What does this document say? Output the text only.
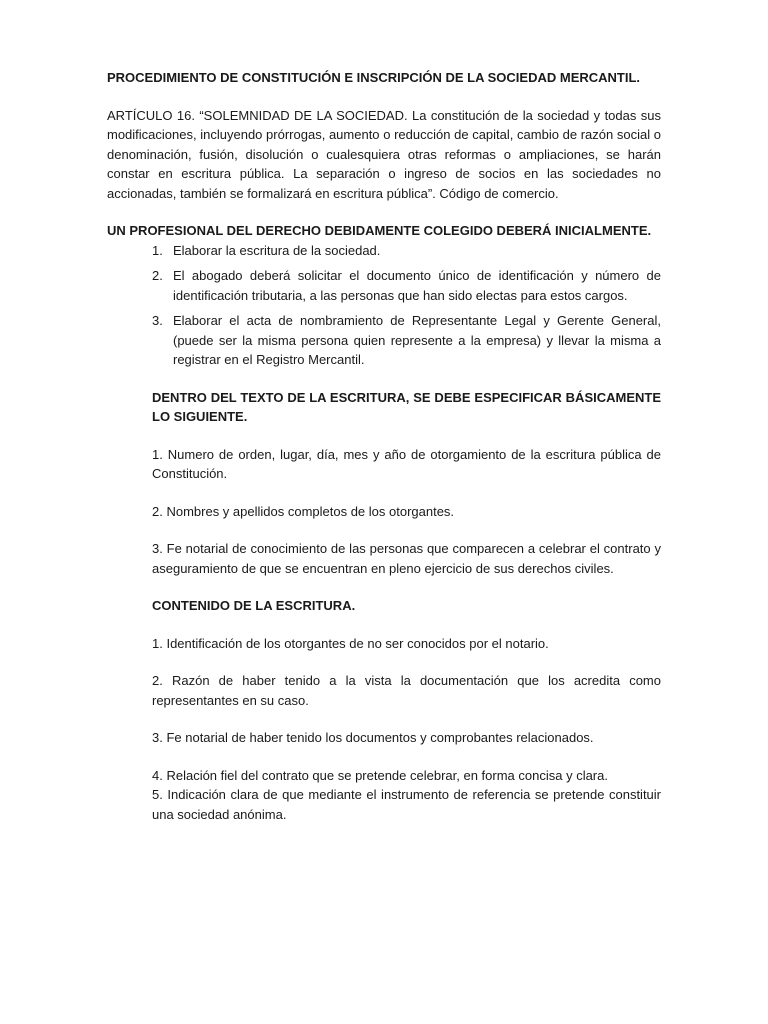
PROCEDIMIENTO DE CONSTITUCIÓN E INSCRIPCIÓN DE LA SOCIEDAD MERCANTIL.

ARTÍCULO 16. “SOLEMNIDAD DE LA SOCIEDAD. La constitución de la sociedad y todas sus modificaciones, incluyendo prórrogas, aumento o reducción de capital, cambio de razón social o denominación, fusión, disolución o cualesquiera otras reformas o ampliaciones, se harán constar en escritura pública. La separación o ingreso de socios en las sociedades no accionadas, también se formalizará en escritura pública”. Código de comercio.

UN PROFESIONAL DEL DERECHO DEBIDAMENTE COLEGIDO DEBERÁ INICIALMENTE.

1. Elaborar la escritura de la sociedad.
2. El abogado deberá solicitar el documento único de identificación y número de identificación tributaria, a las personas que han sido electas para estos cargos.
3. Elaborar el acta de nombramiento de Representante Legal y Gerente General, (puede ser la misma persona quien represente a la empresa) y llevar la misma a registrar en el Registro Mercantil.

DENTRO DEL TEXTO DE LA ESCRITURA, SE DEBE ESPECIFICAR BÁSICAMENTE LO SIGUIENTE.

1. Numero de orden, lugar, día, mes y año de otorgamiento de la escritura pública de Constitución.

2. Nombres y apellidos completos de los otorgantes.

3. Fe notarial de conocimiento de las personas que comparecen a celebrar el contrato y aseguramiento de que se encuentran en pleno ejercicio de sus derechos civiles.

CONTENIDO DE LA ESCRITURA.

1. Identificación de los otorgantes de no ser conocidos por el notario.

2. Razón de haber tenido a la vista la documentación que los acredita como representantes en su caso.

3. Fe notarial de haber tenido los documentos y comprobantes relacionados.

4. Relación fiel del contrato que se pretende celebrar, en forma concisa y clara.

5. Indicación clara de que mediante el instrumento de referencia se pretende constituir una sociedad anónima.
